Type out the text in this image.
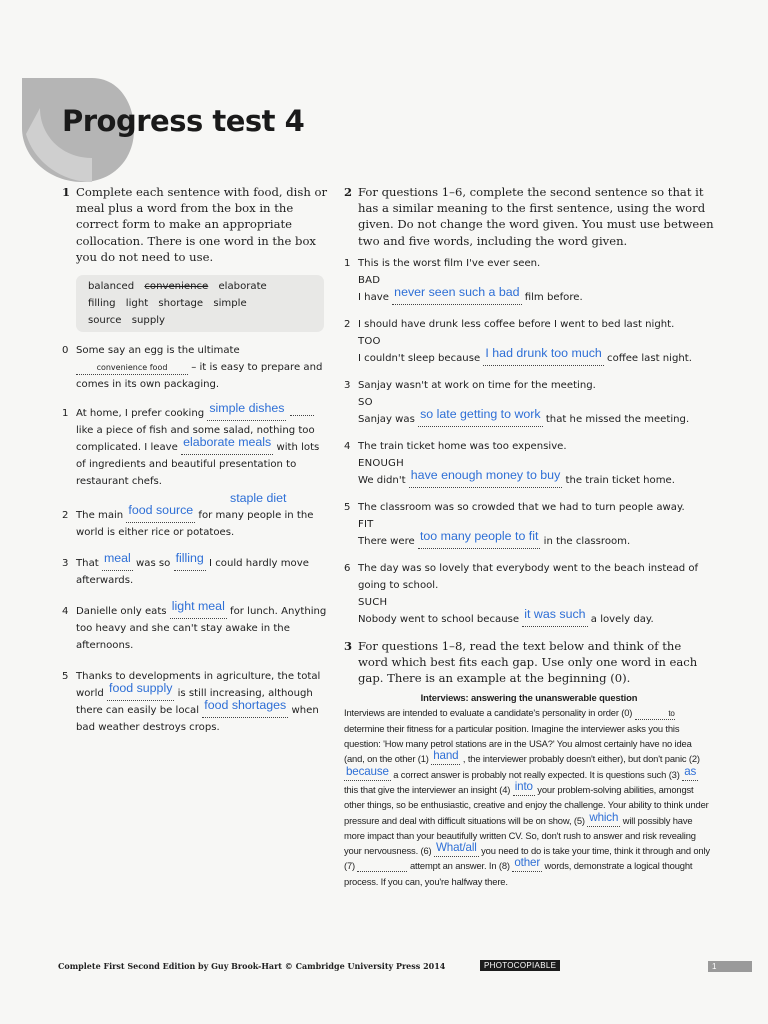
Progress test 4

1 Complete each sentence with food, dish or meal plus a word from the box in the correct form to make an appropriate collocation. There is one word in the box you do not need to use.

balanced convenience elaborate
filling light shortage simple
source supply

0 Some say an egg is the ultimate convenience food – it is easy to prepare and comes in its own packaging.

1 At home, I prefer cooking simple dishes  like a piece of fish and some salad, nothing too complicated. I leave elaborate meals with lots of ingredients and beautiful presentation to restaurant chefs.

staple diet

2 The main food source for many people in the world is either rice or potatoes.

3 That meal was so filling I could hardly move afterwards.

4 Danielle only eats light meal for lunch. Anything too heavy and she can't stay awake in the afternoons.

5 Thanks to developments in agriculture, the total world food supply is still increasing, although there can easily be local food shortages when bad weather destroys crops.

2 For questions 1–6, complete the second sentence so that it has a similar meaning to the first sentence, using the word given. Do not change the word given. You must use between two and five words, including the word given.

1 This is the worst film I've ever seen.
BAD
I have never seen such a bad film before.
2 I should have drunk less coffee before I went to bed last night.
TOO
I couldn't sleep because I had drunk too much coffee last night.
3 Sanjay wasn't at work on time for the meeting.
SO
Sanjay was so late getting to work that he missed the meeting.
4 The train ticket home was too expensive.
ENOUGH
We didn't have enough money to buy the train ticket home.
5 The classroom was so crowded that we had to turn people away.
FIT
There were too many people to fit in the classroom.
6 The day was so lovely that everybody went to the beach instead of going to school.
SUCH
Nobody went to school because it was such a lovely day.

3 For questions 1–8, read the text below and think of the word which best fits each gap. Use only one word in each gap. There is an example at the beginning (0).

Interviews: answering the unanswerable question

Interviews are intended to evaluate a candidate's personality in order (0)	to determine their fitness for a particular position. Imagine the interviewer asks you this question: 'How many petrol stations are in the USA?' You almost certainly have no idea (and, on the other (1) hand , the interviewer probably doesn't either), but don't panic (2) because a correct answer is probably not really expected. It is questions such (3) as this that give the interviewer an insight (4) into your problem-solving abilities, amongst other things, so be enthusiastic, creative and enjoy the challenge. Your ability to think under pressure and deal with difficult situations will be on show, (5) which will possibly have more impact than your beautifully written CV. So, don't rush to answer and risk revealing your nervousness. (6) What/all you need to do is take your time, think it through and only (7)	attempt an answer. In (8) other words, demonstrate a logical thought process. If you can, you're halfway there.

Complete First Second Edition by Guy Brook-Hart © Cambridge University Press 2014	PHOTOCOPIABLE	1
